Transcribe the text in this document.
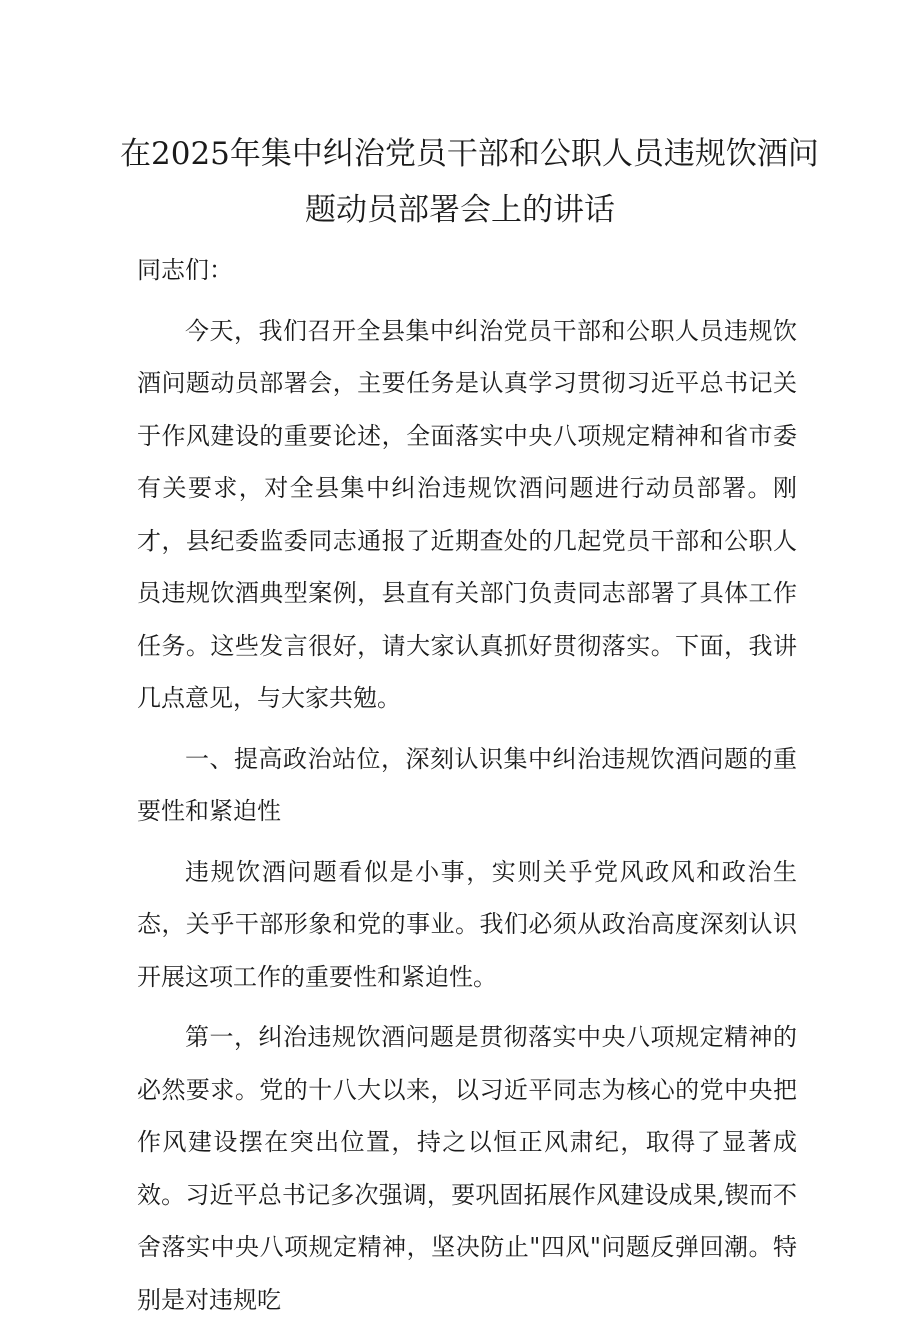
在2025年集中纠治党员干部和公职人员违规饮酒问
题动员部署会上的讲话

同志们：

今天，我们召开全县集中纠治党员干部和公职人员违规饮酒问题动员部署会，主要任务是认真学习贯彻习近平总书记关于作风建设的重要论述，全面落实中央八项规定精神和省市委有关要求，对全县集中纠治违规饮酒问题进行动员部署。刚才，县纪委监委同志通报了近期查处的几起党员干部和公职人员违规饮酒典型案例，县直有关部门负责同志部署了具体工作任务。这些发言很好，请大家认真抓好贯彻落实。下面，我讲几点意见，与大家共勉。

一、提高政治站位，深刻认识集中纠治违规饮酒问题的重要性和紧迫性

违规饮酒问题看似是小事，实则关乎党风政风和政治生态，关乎干部形象和党的事业。我们必须从政治高度深刻认识开展这项工作的重要性和紧迫性。

第一，纠治违规饮酒问题是贯彻落实中央八项规定精神的必然要求。党的十八大以来，以习近平同志为核心的党中央把作风建设摆在突出位置，持之以恒正风肃纪，取得了显著成效。习近平总书记多次强调，要巩固拓展作风建设成果,锲而不舍落实中央八项规定精神，坚决防止"四风"问题反弹回潮。特别是对违规吃
